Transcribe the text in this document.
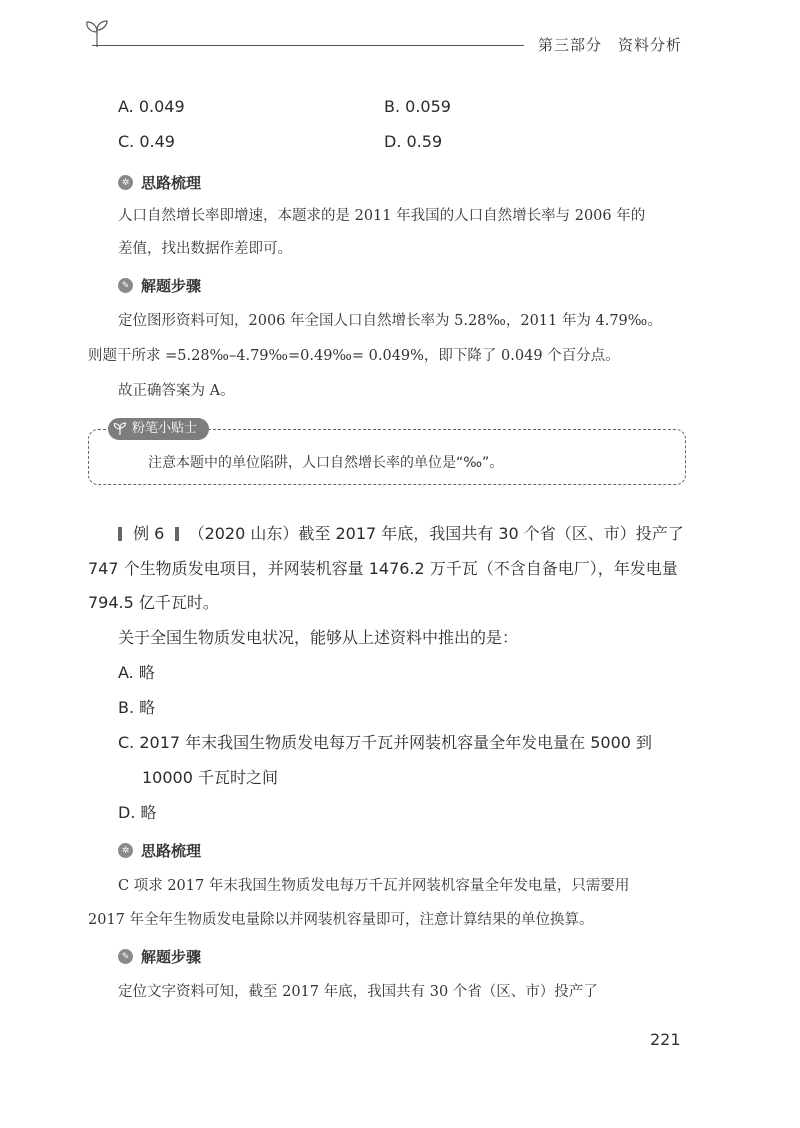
第三部分 资料分析
A. 0.049	B. 0.059
C. 0.49	D. 0.59
✲ 思路梳理
人口自然增长率即增速，本题求的是 2011 年我国的人口自然增长率与 2006 年的
差值，找出数据作差即可。
✎ 解题步骤
定位图形资料可知，2006 年全国人口自然增长率为 5.28‰，2011 年为 4.79‰。
则题干所求 =5.28‰–4.79‰=0.49‰= 0.049%，即下降了 0.049 个百分点。
故正确答案为 A。
粉笔小贴士
注意本题中的单位陷阱，人口自然增长率的单位是“‰”。
例 6 （2020 山东）截至 2017 年底，我国共有 30 个省（区、市）投产了
747 个生物质发电项目，并网装机容量 1476.2 万千瓦（不含自备电厂），年发电量
794.5 亿千瓦时。
关于全国生物质发电状况，能够从上述资料中推出的是：
A. 略
B. 略
C. 2017 年末我国生物质发电每万千瓦并网装机容量全年发电量在 5000 到
10000 千瓦时之间
D. 略
✲ 思路梳理
C 项求 2017 年末我国生物质发电每万千瓦并网装机容量全年发电量，只需要用
2017 年全年生物质发电量除以并网装机容量即可，注意计算结果的单位换算。
✎ 解题步骤
定位文字资料可知，截至 2017 年底，我国共有 30 个省（区、市）投产了
221
